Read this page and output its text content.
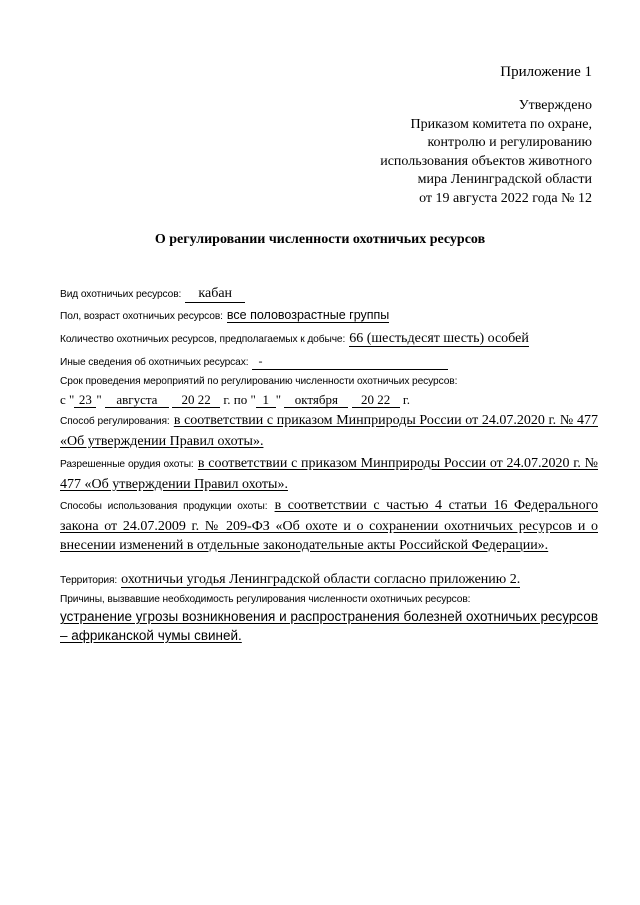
Приложение 1
Утверждено
Приказом комитета по охране,
контролю и регулированию
использования объектов животного
мира Ленинградской области
от 19 августа 2022 года № 12
О регулировании численности охотничьих ресурсов
Вид охотничьих ресурсов: кабан
Пол, возраст охотничьих ресурсов: все половозрастные группы
Количество охотничьих ресурсов, предполагаемых к добыче: 66 (шестьдесят шесть) особей
Иные сведения об охотничьих ресурсах: -
Срок проведения мероприятий по регулированию численности охотничьих ресурсов:
с " 23 " августа 20 22 г. по " 1 " октября 20 22 г.
Способ регулирования: в соответствии с приказом Минприроды России от 24.07.2020 г. № 477 «Об утверждении Правил охоты».
Разрешенные орудия охоты: в соответствии с приказом Минприроды России от 24.07.2020 г. № 477 «Об утверждении Правил охоты».
Способы использования продукции охоты: в соответствии с частью 4 статьи 16 Федерального закона от 24.07.2009 г. № 209-ФЗ «Об охоте и о сохранении охотничьих ресурсов и о внесении изменений в отдельные законодательные акты Российской Федерации».
Территория: охотничьи угодья Ленинградской области согласно приложению 2.
Причины, вызвавшие необходимость регулирования численности охотничьих ресурсов:
устранение угрозы возникновения и распространения болезней охотничьих ресурсов – африканской чумы свиней.
